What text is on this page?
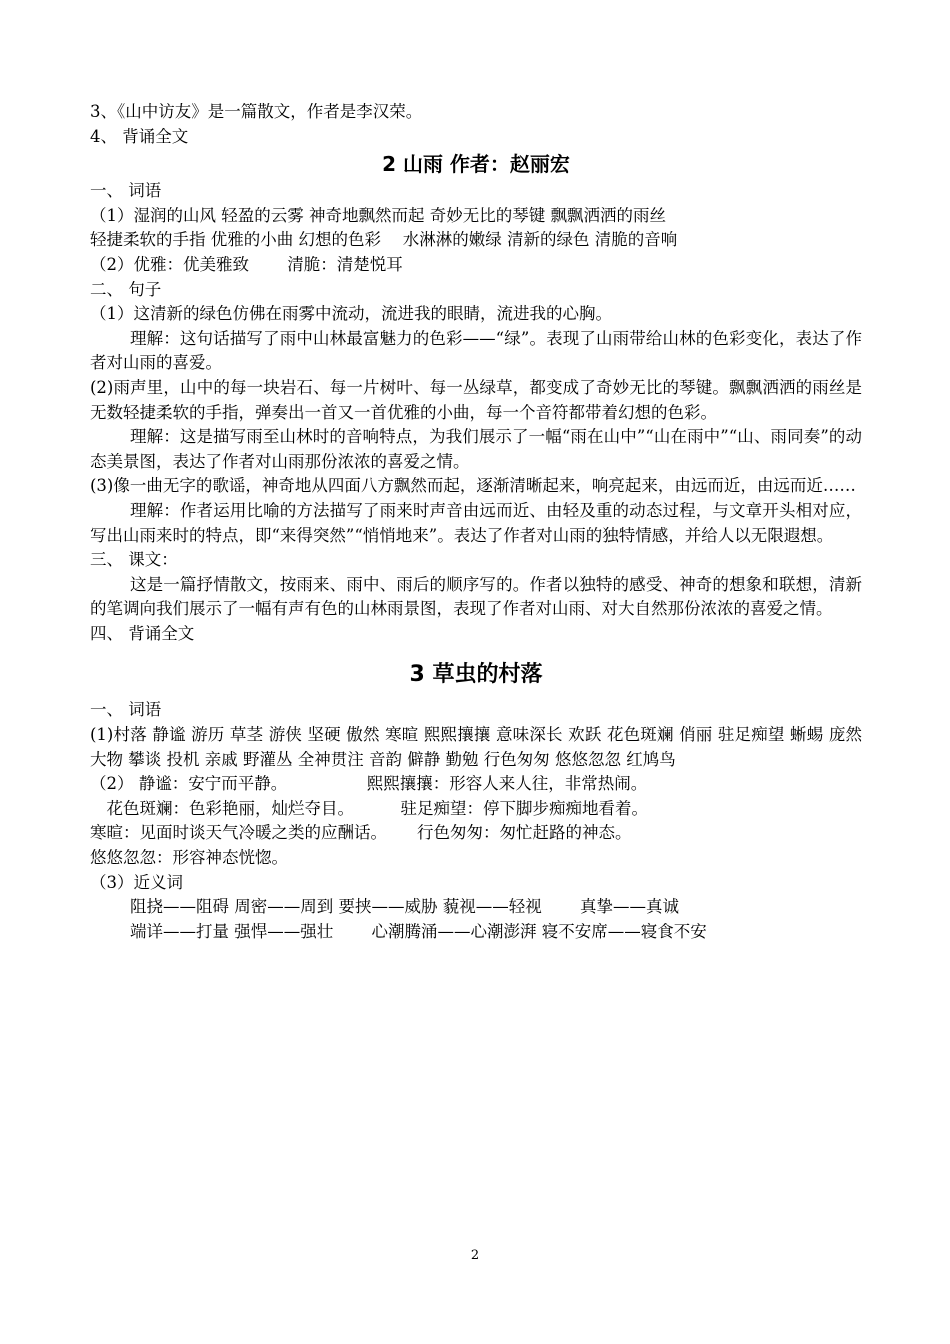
3、《山中访友》是一篇散文，作者是李汉荣。
4、 背诵全文
2 山雨 作者：赵丽宏
一、 词语
（1）湿润的山风 轻盈的云雾 神奇地飘然而起 奇妙无比的琴键 飘飘洒洒的雨丝
轻捷柔软的手指 优雅的小曲 幻想的色彩　 水淋淋的嫩绿 清新的绿色 清脆的音响
（2）优雅：优美雅致　　 清脆：清楚悦耳
二、 句子
（1）这清新的绿色仿佛在雨雾中流动，流进我的眼睛，流进我的心胸。
理解：这句话描写了雨中山林最富魅力的色彩——“绿”。表现了山雨带给山林的色彩变化，表达了作者对山雨的喜爱。
(2)雨声里，山中的每一块岩石、每一片树叶、每一丛绿草，都变成了奇妙无比的琴键。飘飘洒洒的雨丝是无数轻捷柔软的手指，弹奏出一首又一首优雅的小曲，每一个音符都带着幻想的色彩。
理解：这是描写雨至山林时的音响特点，为我们展示了一幅“雨在山中”“山在雨中”“山、雨同奏”的动态美景图，表达了作者对山雨那份浓浓的喜爱之情。
(3)像一曲无字的歌谣，神奇地从四面八方飘然而起，逐渐清晰起来，响亮起来，由远而近，由远而近……
理解：作者运用比喻的方法描写了雨来时声音由远而近、由轻及重的动态过程，与文章开头相对应，写出山雨来时的特点，即“来得突然”“悄悄地来”。表达了作者对山雨的独特情感，并给人以无限遐想。
三、 课文：
这是一篇抒情散文，按雨来、雨中、雨后的顺序写的。作者以独特的感受、神奇的想象和联想，清新的笔调向我们展示了一幅有声有色的山林雨景图，表现了作者对山雨、对大自然那份浓浓的喜爱之情。
四、 背诵全文
3 草虫的村落
一、 词语
(1)村落 静谧 游历 草茎 游侠 坚硬 傲然 寒暄 熙熙攘攘 意味深长 欢跃 花色斑斓 俏丽 驻足痴望 蜥蜴 庞然大物 攀谈 投机 亲戚 野灌丛 全神贯注 音韵 僻静 勤勉 行色匆匆 悠悠忽忽 红鸠鸟
（2） 静谧：安宁而平静。　　　　　 熙熙攘攘：形容人来人往，非常热闹。
　花色斑斓：色彩艳丽，灿烂夺目。　　　 驻足痴望：停下脚步痴痴地看着。
寒暄：见面时谈天气冷暖之类的应酬话。　　 行色匆匆：匆忙赶路的神态。
悠悠忽忽：形容神态恍惚。
（3）近义词
阻挠——阻碍 周密——周到 要挟——威胁 藐视——轻视　　 真挚——真诚
端详——打量 强悍——强壮　　 心潮腾涌——心潮澎湃 寝不安席——寝食不安
2
